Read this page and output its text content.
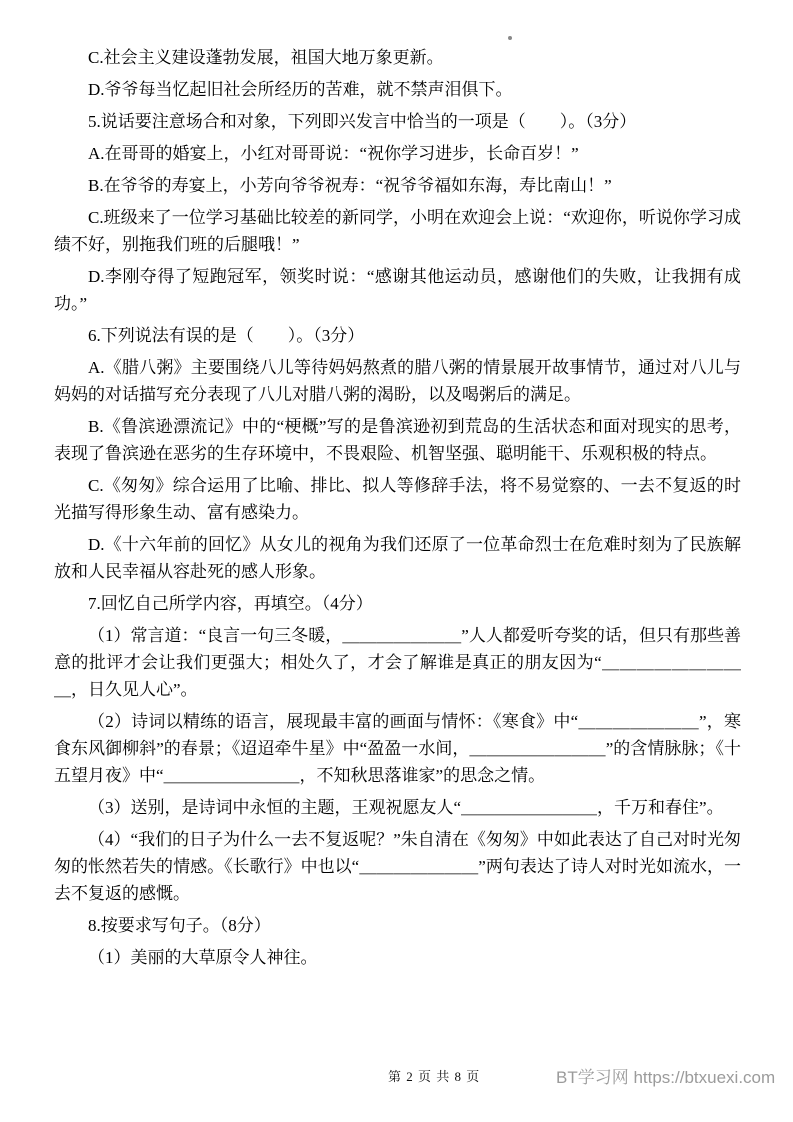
C.社会主义建设蓬勃发展，祖国大地万象更新。

D.爷爷每当忆起旧社会所经历的苦难，就不禁声泪俱下。

5.说话要注意场合和对象，下列即兴发言中恰当的一项是（　　）。（3分）

A.在哥哥的婚宴上，小红对哥哥说：“祝你学习进步，长命百岁！”

B.在爷爷的寿宴上，小芳向爷爷祝寿：“祝爷爷福如东海，寿比南山！”

C.班级来了一位学习基础比较差的新同学，小明在欢迎会上说：“欢迎你，听说你学习成绩不好，别拖我们班的后腿哦！”

D.李刚夺得了短跑冠军，领奖时说：“感谢其他运动员，感谢他们的失败，让我拥有成功。”

6.下列说法有误的是（　　）。（3分）

A.《腊八粥》主要围绕八儿等待妈妈熬煮的腊八粥的情景展开故事情节，通过对八儿与妈妈的对话描写充分表现了八儿对腊八粥的渴盼，以及喝粥后的满足。

B.《鲁滨逊漂流记》中的“梗概”写的是鲁滨逊初到荒岛的生活状态和面对现实的思考，表现了鲁滨逊在恶劣的生存环境中，不畏艰险、机智坚强、聪明能干、乐观积极的特点。

C.《匆匆》综合运用了比喻、排比、拟人等修辞手法，将不易觉察的、一去不复返的时光描写得形象生动、富有感染力。

D.《十六年前的回忆》从女儿的视角为我们还原了一位革命烈士在危难时刻为了民族解放和人民幸福从容赴死的感人形象。

7.回忆自己所学内容，再填空。（4分）

（1）常言道：“良言一句三冬暖，＿＿＿＿＿＿＿”人人都爱听夸奖的话，但只有那些善意的批评才会让我们更强大；相处久了，才会了解谁是真正的朋友因为“＿＿＿＿＿＿＿＿＿，日久见人心”。

（2）诗词以精练的语言，展现最丰富的画面与情怀：《寒食》中“＿＿＿＿＿＿＿”，寒食东风御柳斜”的春景；《迢迢牵牛星》中“盈盈一水间，＿＿＿＿＿＿＿＿”的含情脉脉；《十五望月夜》中“＿＿＿＿＿＿＿＿，不知秋思落谁家”的思念之情。

（3）送别，是诗词中永恒的主题，王观祝愿友人“＿＿＿＿＿＿＿＿，千万和春住”。

（4）“我们的日子为什么一去不复返呢？”朱自清在《匆匆》中如此表达了自己对时光匆匆的怅然若失的情感。《长歌行》中也以“＿＿＿＿＿＿＿”两句表达了诗人对时光如流水，一去不复返的感慨。

8.按要求写句子。（8分）

（1）美丽的大草原令人神往。

第 2 页 共 8 页	BT学习网 https://btxuexi.com
